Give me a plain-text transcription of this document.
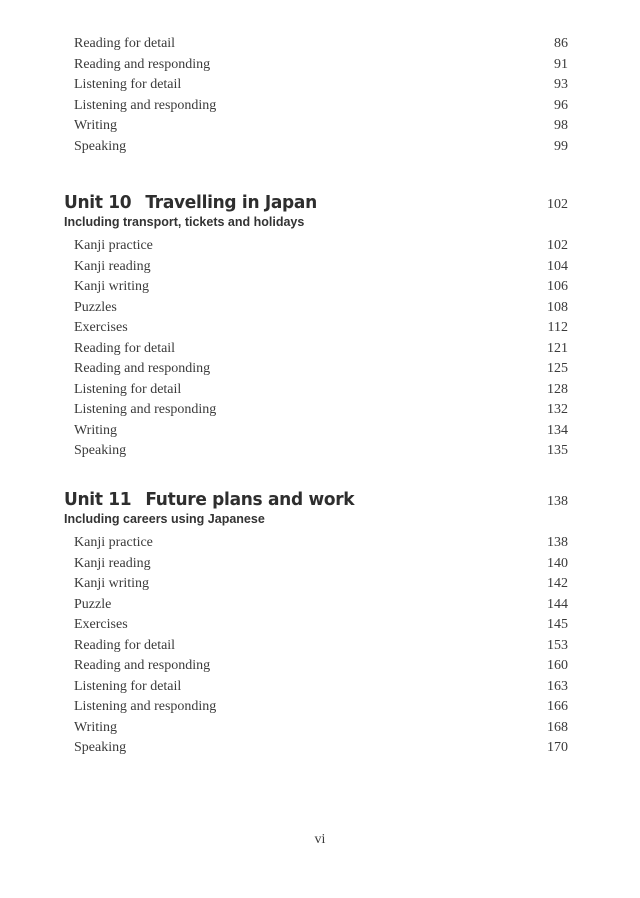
Reading for detail	86
Reading and responding	91
Listening for detail	93
Listening and responding	96
Writing	98
Speaking	99
Unit 10 Travelling in Japan	102
Including transport, tickets and holidays
Kanji practice	102
Kanji reading	104
Kanji writing	106
Puzzles	108
Exercises	112
Reading for detail	121
Reading and responding	125
Listening for detail	128
Listening and responding	132
Writing	134
Speaking	135
Unit 11 Future plans and work	138
Including careers using Japanese
Kanji practice	138
Kanji reading	140
Kanji writing	142
Puzzle	144
Exercises	145
Reading for detail	153
Reading and responding	160
Listening for detail	163
Listening and responding	166
Writing	168
Speaking	170
vi
